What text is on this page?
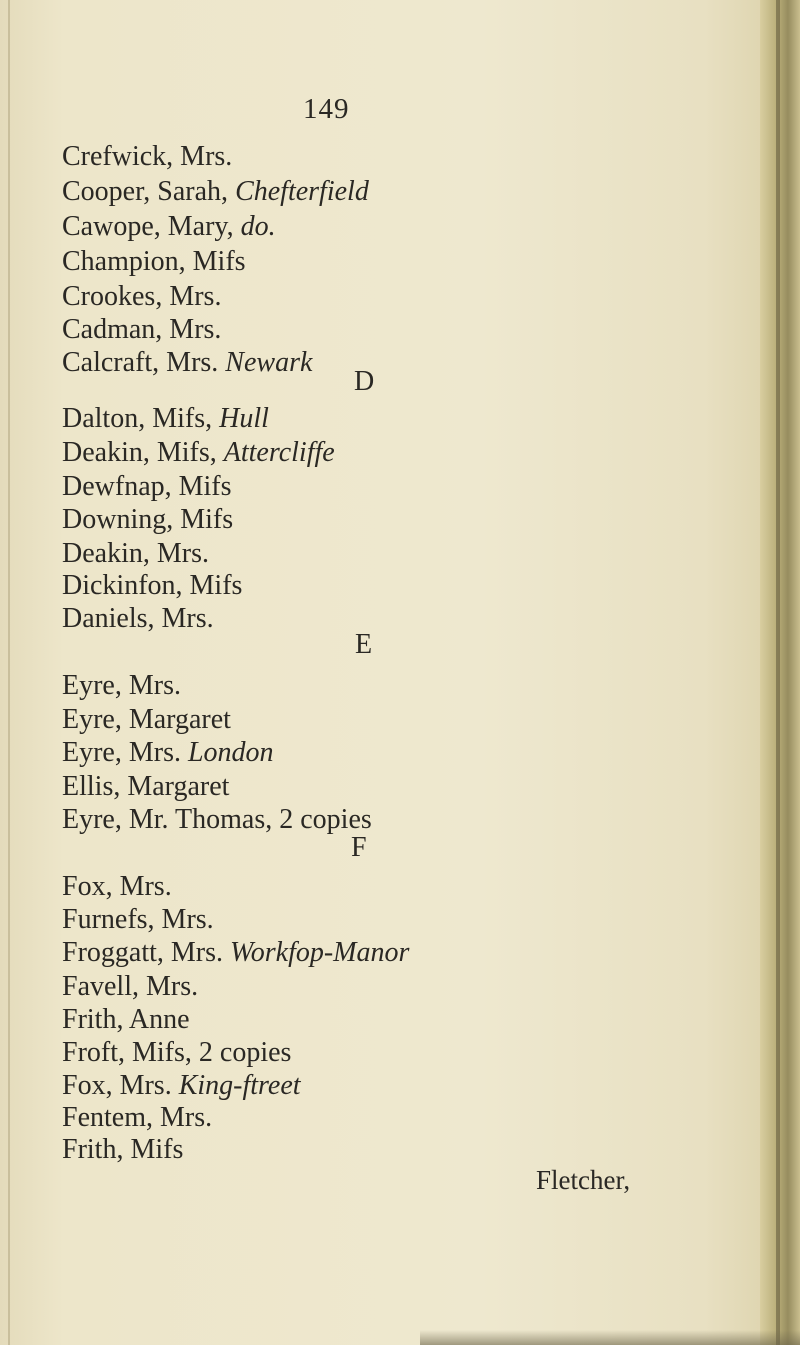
149
Crefwick, Mrs.
Cooper, Sarah, Chefterfield
Cawope, Mary, do.
Champion, Mifs
Crookes, Mrs.
Cadman, Mrs.
Calcraft, Mrs. Newark
D
Dalton, Mifs, Hull
Deakin, Mifs, Attercliffe
Dewfnap, Mifs
Downing, Mifs
Deakin, Mrs.
Dickinfon, Mifs
Daniels, Mrs.
E
Eyre, Mrs.
Eyre, Margaret
Eyre, Mrs. London
Ellis, Margaret
Eyre, Mr. Thomas, 2 copies
F
Fox, Mrs.
Furnefs, Mrs.
Froggatt, Mrs. Workfop-Manor
Favell, Mrs.
Frith, Anne
Froft, Mifs, 2 copies
Fox, Mrs. King-ftreet
Fentem, Mrs.
Frith, Mifs
Fletcher,
